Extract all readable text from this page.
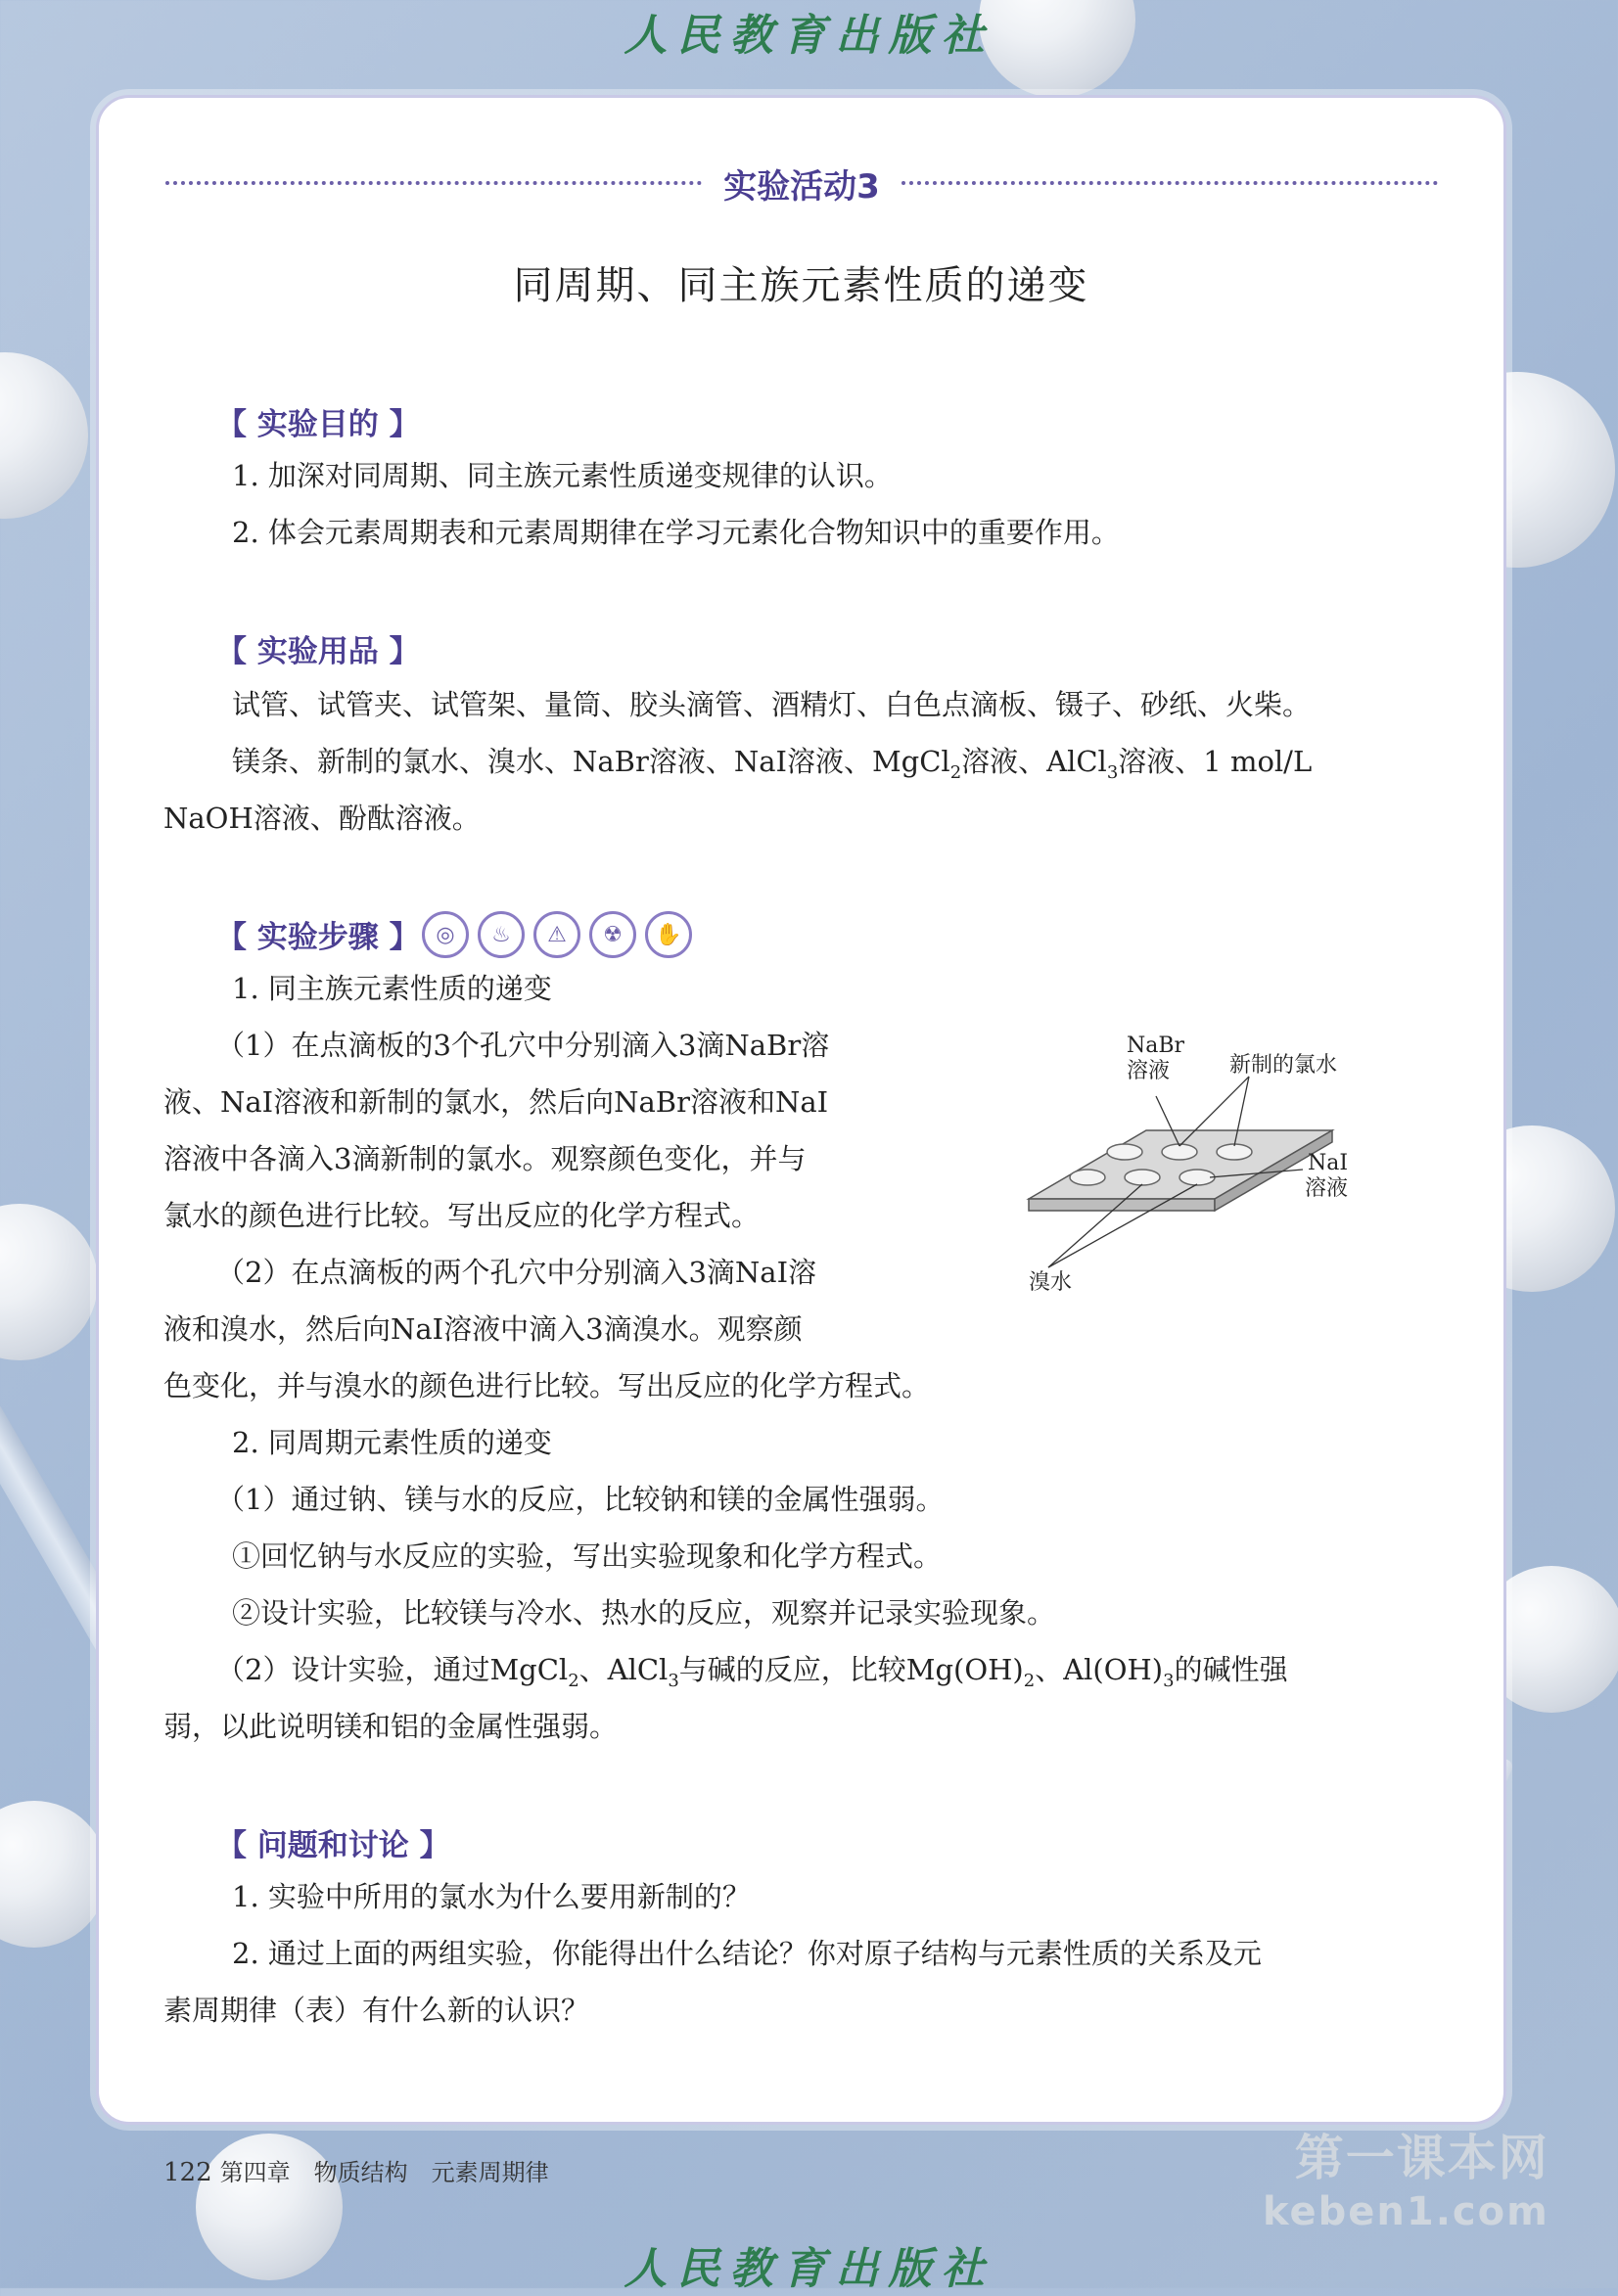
人民教育出版社
实验活动3
同周期、同主族元素性质的递变
【 实验目的 】
1. 加深对同周期、同主族元素性质递变规律的认识。
2. 体会元素周期表和元素周期律在学习元素化合物知识中的重要作用。
【 实验用品 】
试管、试管夹、试管架、量筒、胶头滴管、酒精灯、白色点滴板、镊子、砂纸、火柴。
镁条、新制的氯水、溴水、NaBr溶液、NaI溶液、MgCl$_2$溶液、AlCl$_3$溶液、1 mol/L
NaOH溶液、酚酞溶液。
【 实验步骤 】 ◎	♨	⚠	☢	✋
1. 同主族元素性质的递变
（1）在点滴板的3个孔穴中分别滴入3滴NaBr溶
液、NaI溶液和新制的氯水，然后向NaBr溶液和NaI
溶液中各滴入3滴新制的氯水。观察颜色变化，并与
氯水的颜色进行比较。写出反应的化学方程式。
（2）在点滴板的两个孔穴中分别滴入3滴NaI溶
液和溴水，然后向NaI溶液中滴入3滴溴水。观察颜
色变化，并与溴水的颜色进行比较。写出反应的化学方程式。
NaBr
溶液	新制的氯水
NaI
溶液
溴水
2. 同周期元素性质的递变
（1）通过钠、镁与水的反应，比较钠和镁的金属性强弱。
①回忆钠与水反应的实验，写出实验现象和化学方程式。
②设计实验，比较镁与冷水、热水的反应，观察并记录实验现象。
（2）设计实验，通过MgCl$_2$、AlCl$_3$与碱的反应，比较$Mg(OH)_2$、$Al(OH)_3$的碱性强
弱，以此说明镁和铝的金属性强弱。
【 问题和讨论 】
1. 实验中所用的氯水为什么要用新制的？
2. 通过上面的两组实验，你能得出什么结论？你对原子结构与元素性质的关系及元
素周期律（表）有什么新的认识？
122 第四章　物质结构　元素周期律	第一课本网
keben1.com
人民教育出版社
